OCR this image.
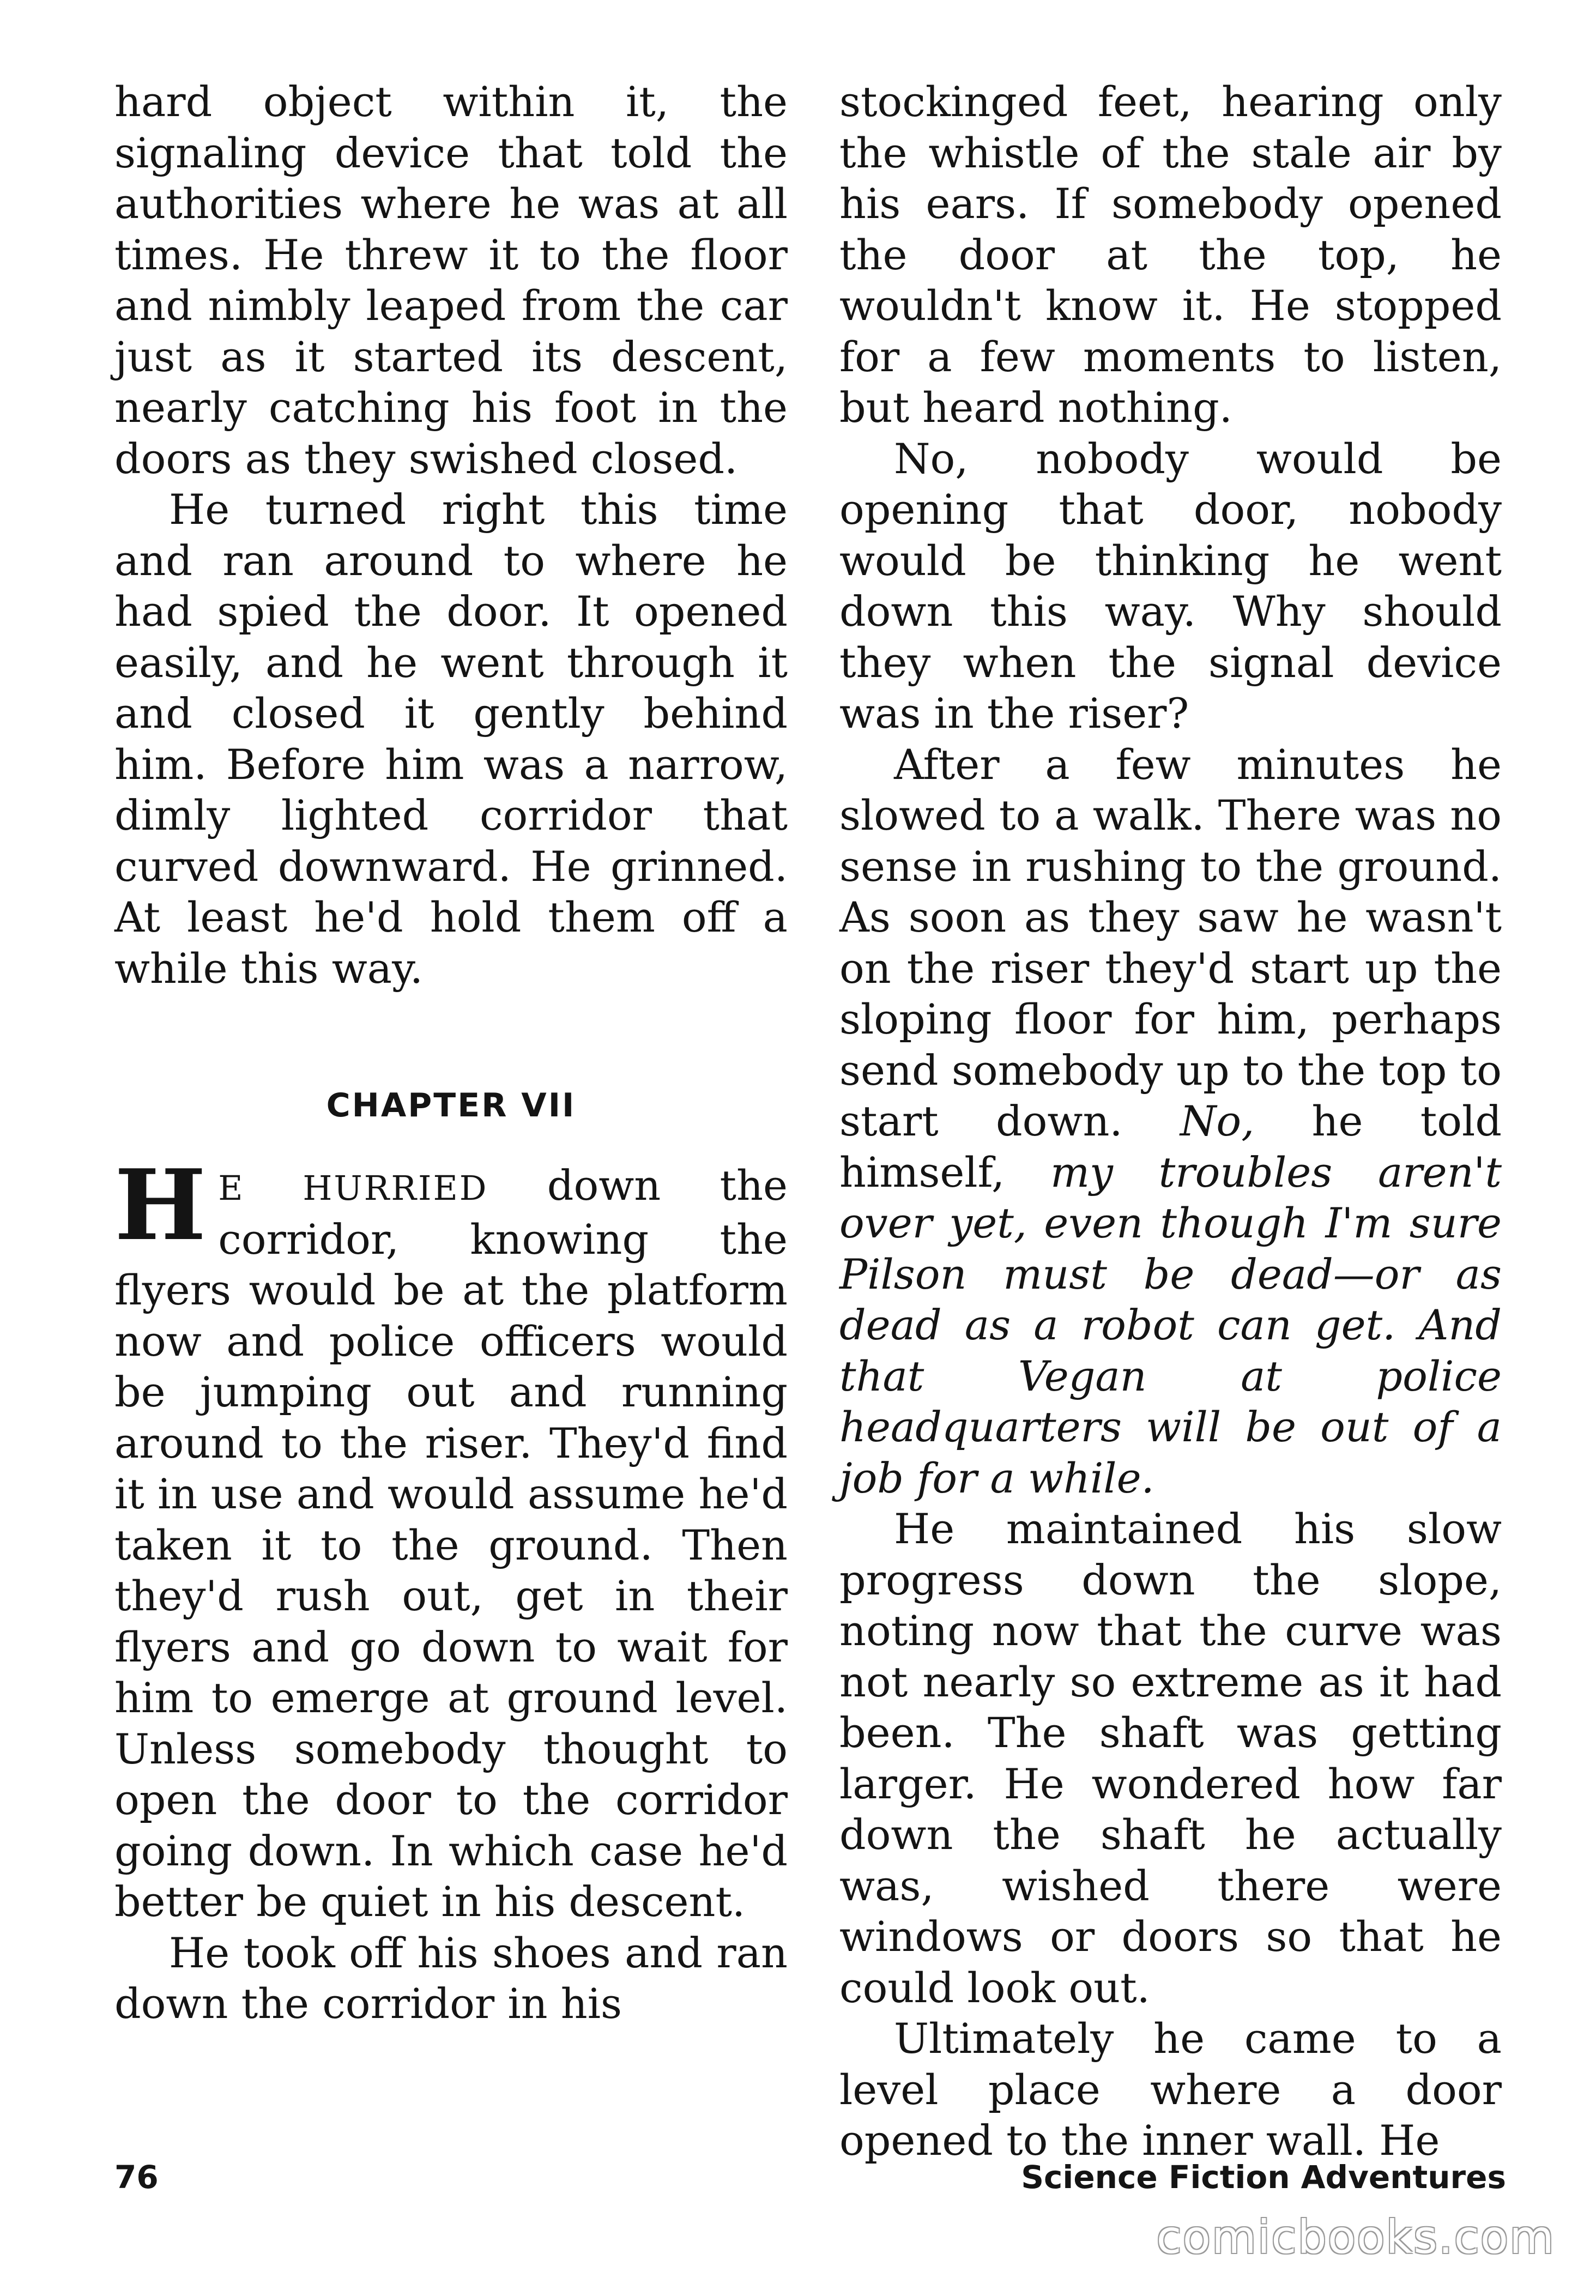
hard object within it, the signaling device that told the authorities where he was at all times. He threw it to the floor and nimbly leaped from the car just as it started its descent, nearly catching his foot in the doors as they swished closed.

He turned right this time and ran around to where he had spied the door. It opened easily, and he went through it and closed it gently behind him. Before him was a narrow, dimly lighted corridor that curved downward. He grinned. At least he'd hold them off a while this way.

CHAPTER VII

H E HURRIED down the corridor, knowing the flyers would be at the platform now and police officers would be jumping out and running around to the riser. They'd find it in use and would assume he'd taken it to the ground. Then they'd rush out, get in their flyers and go down to wait for him to emerge at ground level. Unless somebody thought to open the door to the corridor going down. In which case he'd better be quiet in his descent.

He took off his shoes and ran down the corridor in his

stockinged feet, hearing only the whistle of the stale air by his ears. If somebody opened the door at the top, he wouldn't know it. He stopped for a few moments to listen, but heard nothing.

No, nobody would be opening that door, nobody would be thinking he went down this way. Why should they when the signal device was in the riser?

After a few minutes he slowed to a walk. There was no sense in rushing to the ground. As soon as they saw he wasn't on the riser they'd start up the sloping floor for him, perhaps send somebody up to the top to start down. No, he told himself, my troubles aren't over yet, even though I'm sure Pilson must be dead—or as dead as a robot can get. And that Vegan at police headquarters will be out of a job for a while.

He maintained his slow progress down the slope, noting now that the curve was not nearly so extreme as it had been. The shaft was getting larger. He wondered how far down the shaft he actually was, wished there were windows or doors so that he could look out.

Ultimately he came to a level place where a door opened to the inner wall. He

76	Science Fiction Adventures
comicbooks.com
